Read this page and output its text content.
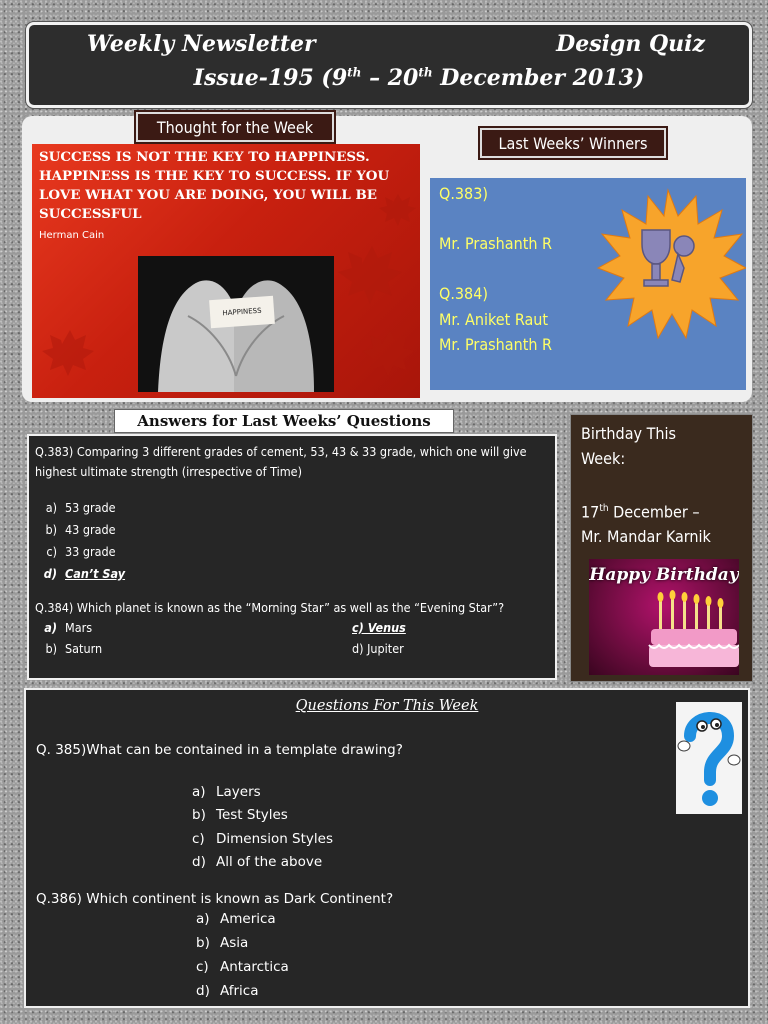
Weekly Newsletter	Design Quiz
Issue-195 (9th – 20th December 2013)
SUCCESS IS NOT THE KEY TO HAPPINESS. HAPPINESS IS THE KEY TO SUCCESS. IF YOU LOVE WHAT YOU ARE DOING, YOU WILL BE SUCCESSFUL
Herman Cain
HAPPINESS
Thought for the Week
Last Weeks’ Winners
Q.383)
Mr. Prashanth R
Q.384)
Mr. Aniket Raut
Mr. Prashanth R
Answers for Last Weeks’ Questions
Q.383) Comparing 3 different grades of cement, 53, 43 & 33 grade, which one will give highest ultimate strength (irrespective of Time)
a) 53 grade
b) 43 grade
c) 33 grade
d) Can’t Say
Q.384) Which planet is known as the “Morning Star” as well as the “Evening Star”?
a) Mars
b) Saturn
c) Venus
d) Jupiter
Birthday This
Week:
17th December –
Mr. Mandar Karnik
Happy Birthday
Questions For This Week
Q. 385)What can be contained in a template drawing?
a) Layers
b) Test Styles
c) Dimension Styles
d) All of the above
Q.386) Which continent is known as Dark Continent?
a) America
b) Asia
c) Antarctica
d) Africa
